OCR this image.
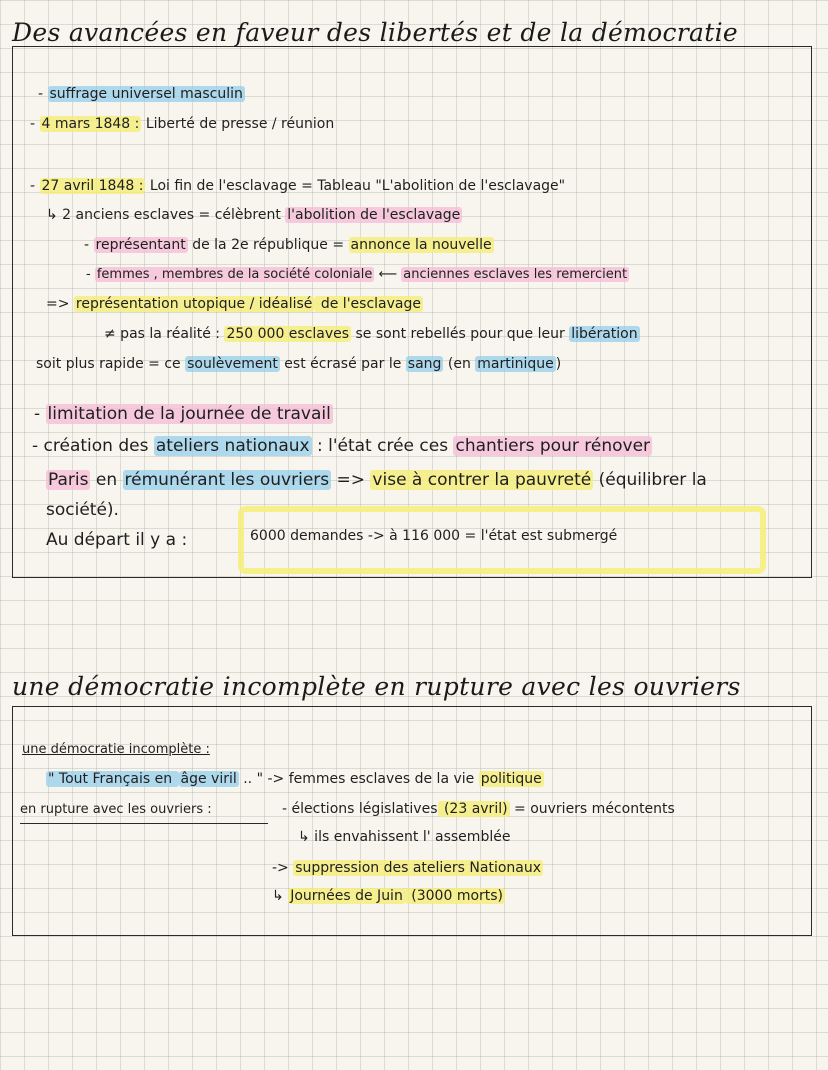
Des avancées en faveur des libertés et de la démocratie
- suffrage universel masculin
- 4 mars 1848 : Liberté de presse / réunion
- 27 avril 1848 : Loi fin de l'esclavage = Tableau "L'abolition de l'esclavage"
↳ 2 anciens esclaves = célèbrent l'abolition de l'esclavage
- représentant de la 2e république = annonce la nouvelle
- femmes , membres de la société coloniale ⟵ anciennes esclaves les remercient
=> représentation utopique / idéalisé de l'esclavage
≠ pas la réalité : 250 000 esclaves se sont rebellés pour que leur libération
soit plus rapide = ce soulèvement est écrasé par le sang (en martinique )
- limitation de la journée de travail
- création des ateliers nationaux : l'état crée ces chantiers pour rénover
Paris en rémunérant les ouvriers => vise à contrer la pauvreté (équilibrer la
société).
Au départ il y a :	6000 demandes -> à 116 000 = l'état est submergé
une démocratie incomplète en rupture avec les ouvriers
une démocratie incomplète :
" Tout Français en âge viril .. " -> femmes esclaves de la vie politique
en rupture avec les ouvriers :	- élections législatives (23 avril) = ouvriers mécontents
↳ ils envahissent l' assemblée
-> suppression des ateliers Nationaux
↳ Journées de Juin (3000 morts)
